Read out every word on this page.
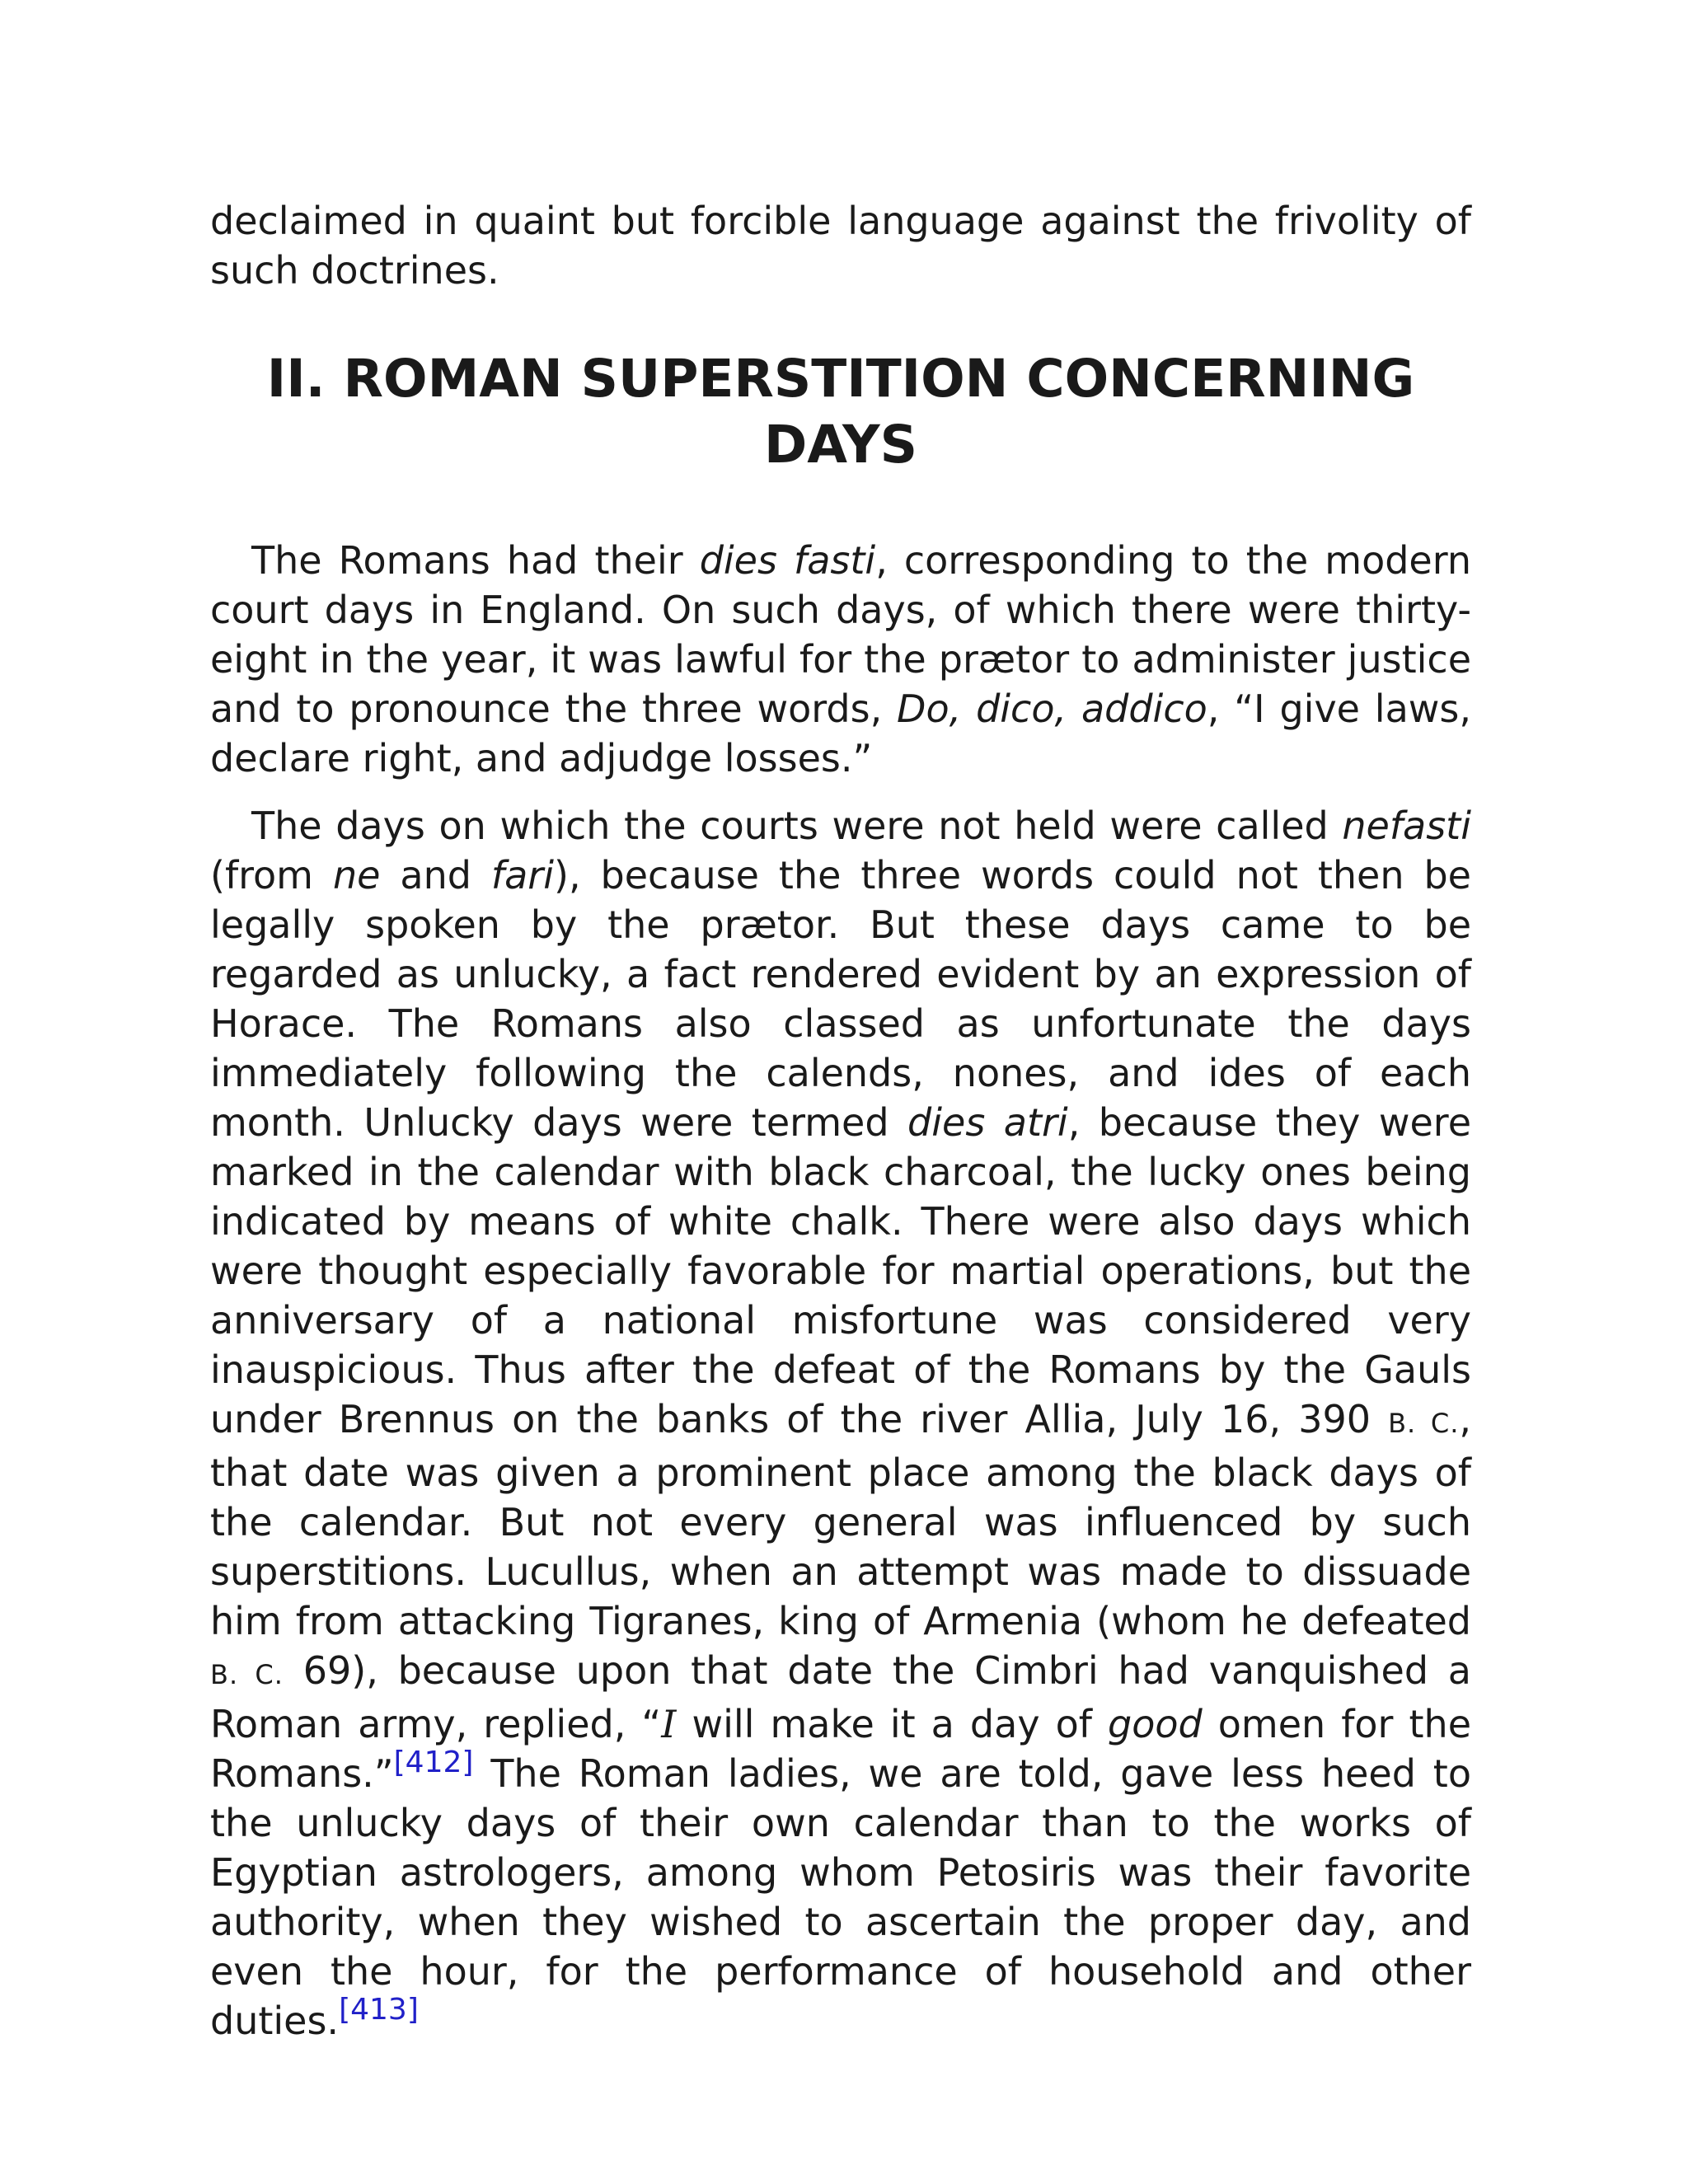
declaimed in quaint but forcible language against the frivolity of such doctrines.

II. ROMAN SUPERSTITION CONCERNING DAYS

The Romans had their dies fasti, corresponding to the modern court days in England. On such days, of which there were thirty-eight in the year, it was lawful for the prætor to administer justice and to pronounce the three words, Do, dico, addico, “I give laws, declare right, and adjudge losses.”

The days on which the courts were not held were called nefasti (from ne and fari), because the three words could not then be legally spoken by the prætor. But these days came to be regarded as unlucky, a fact rendered evident by an expression of Horace. The Romans also classed as unfortunate the days immediately following the calends, nones, and ides of each month. Unlucky days were termed dies atri, because they were marked in the calendar with black charcoal, the lucky ones being indicated by means of white chalk. There were also days which were thought especially favorable for martial operations, but the anniversary of a national misfortune was considered very inauspicious. Thus after the defeat of the Romans by the Gauls under Brennus on the banks of the river Allia, July 16, 390 B. C., that date was given a prominent place among the black days of the calendar. But not every general was influenced by such superstitions. Lucullus, when an attempt was made to dissuade him from attacking Tigranes, king of Armenia (whom he defeated B. C. 69), because upon that date the Cimbri had vanquished a Roman army, replied, “I will make it a day of good omen for the Romans.”[412] The Roman ladies, we are told, gave less heed to the unlucky days of their own calendar than to the works of Egyptian astrologers, among whom Petosiris was their favorite authority, when they wished to ascertain the proper day, and even the hour, for the performance of household and other duties.[413]
